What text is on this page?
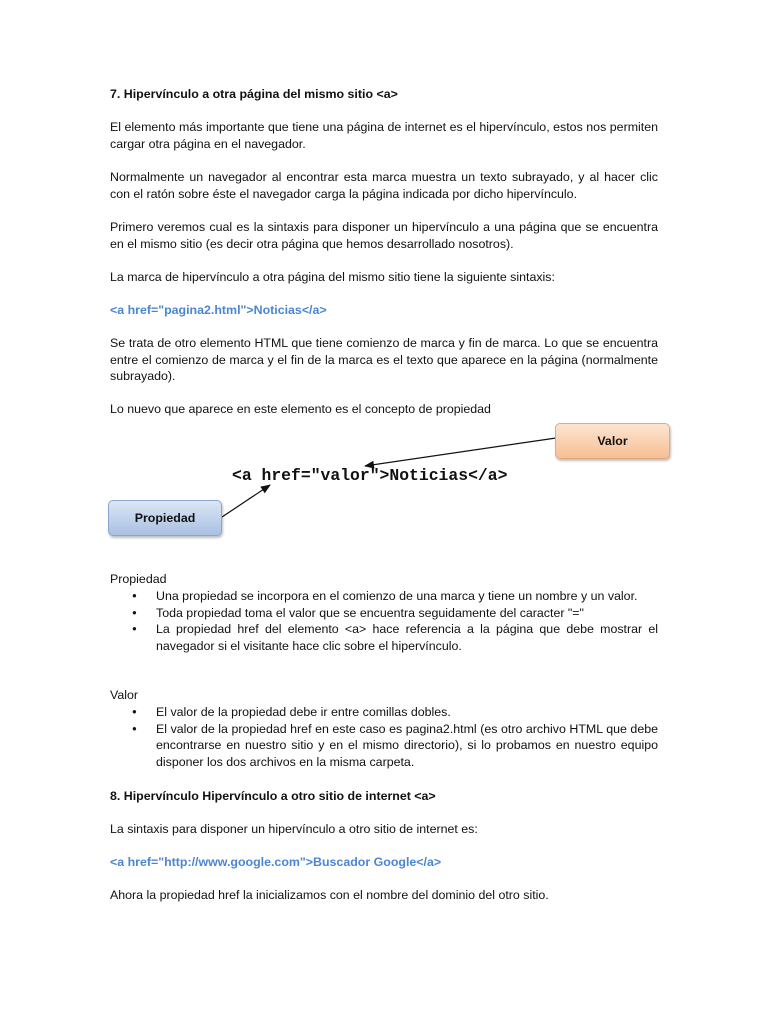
7. Hipervínculo a otra página del mismo sitio <a>

El elemento más importante que tiene una página de internet es el hipervínculo, estos nos permiten cargar otra página en el navegador.

Normalmente un navegador al encontrar esta marca muestra un texto subrayado, y al hacer clic con el ratón sobre éste el navegador carga la página indicada por dicho hipervínculo.

Primero veremos cual es la sintaxis para disponer un hipervínculo a una página que se encuentra en el mismo sitio (es decir otra página que hemos desarrollado nosotros).

La marca de hipervínculo a otra página del mismo sitio tiene la siguiente sintaxis:

<a href="pagina2.html">Noticias</a>

Se trata de otro elemento HTML que tiene comienzo de marca y fin de marca. Lo que se encuentra entre el comienzo de marca y el fin de la marca es el texto que aparece en la página (normalmente subrayado).

Lo nuevo que aparece en este elemento es el concepto de propiedad

Propiedad

● Una propiedad se incorpora en el comienzo de una marca y tiene un nombre y un valor.
● Toda propiedad toma el valor que se encuentra seguidamente del caracter "="
● La propiedad href del elemento <a> hace referencia a la página que debe mostrar el navegador si el visitante hace clic sobre el hipervínculo.

Valor

● El valor de la propiedad debe ir entre comillas dobles.
● El valor de la propiedad href en este caso es pagina2.html (es otro archivo HTML que debe encontrarse en nuestro sitio y en el mismo directorio), si lo probamos en nuestro equipo disponer los dos archivos en la misma carpeta.

8. Hipervínculo Hipervínculo a otro sitio de internet <a>

La sintaxis para disponer un hipervínculo a otro sitio de internet es:

<a href="http://www.google.com">Buscador Google</a>

Ahora la propiedad href la inicializamos con el nombre del dominio del otro sitio.

Valor
<a href="valor">Noticias</a>
Propiedad
